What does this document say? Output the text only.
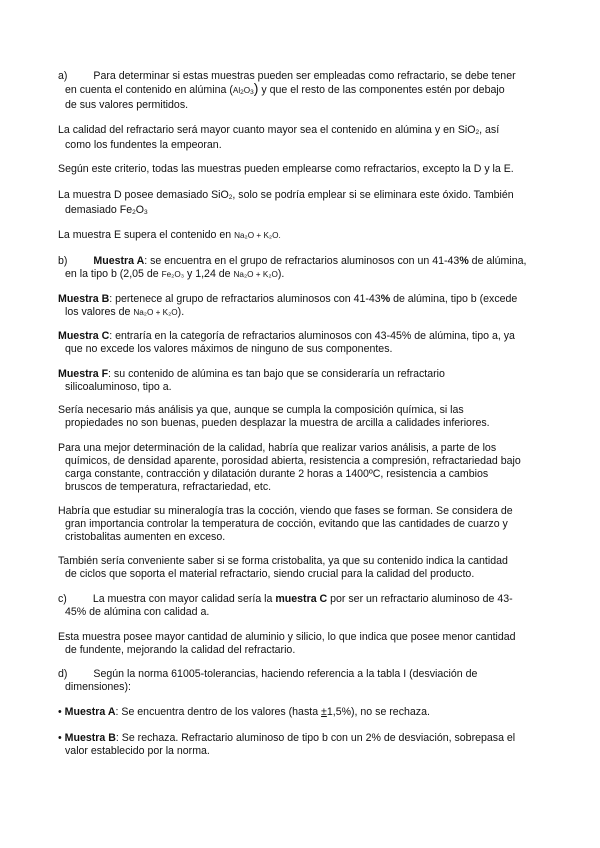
a) Para determinar si estas muestras pueden ser empleadas como refractario, se debe tener
en cuenta el contenido en alúmina (Al2O3) y que el resto de las componentes estén por debajo
de sus valores permitidos.
La calidad del refractario será mayor cuanto mayor sea el contenido en alúmina y en SiO2, así
como los fundentes la empeoran.
Según este criterio, todas las muestras pueden emplearse como refractarios, excepto la D y la E.
La muestra D posee demasiado SiO2, solo se podría emplear si se eliminara este óxido. También
demasiado Fe2O3
La muestra E supera el contenido en Na₂O + K₂O.
b) Muestra A: se encuentra en el grupo de refractarios aluminosos con un 41-43% de alúmina,
en la tipo b (2,05 de Fe₂O₃ y 1,24 de Na₂O + K₂O).
Muestra B: pertenece al grupo de refractarios aluminosos con 41-43% de alúmina, tipo b (excede
los valores de Na₂O + K₂O).
Muestra C: entraría en la categoría de refractarios aluminosos con 43-45% de alúmina, tipo a, ya
que no excede los valores máximos de ninguno de sus componentes.
Muestra F: su contenido de alúmina es tan bajo que se consideraría un refractario
silicoaluminoso, tipo a.
Sería necesario más análisis ya que, aunque se cumpla la composición química, si las
propiedades no son buenas, pueden desplazar la muestra de arcilla a calidades inferiores.
Para una mejor determinación de la calidad, habría que realizar varios análisis, a parte de los
químicos, de densidad aparente, porosidad abierta, resistencia a compresión, refractariedad bajo
carga constante, contracción y dilatación durante 2 horas a 1400ºC, resistencia a cambios
bruscos de temperatura, refractariedad, etc.
Habría que estudiar su mineralogía tras la cocción, viendo que fases se forman. Se considera de
gran importancia controlar la temperatura de cocción, evitando que las cantidades de cuarzo y
cristobalitas aumenten en exceso.
También sería conveniente saber si se forma cristobalita, ya que su contenido indica la cantidad
de ciclos que soporta el material refractario, siendo crucial para la calidad del producto.
c) La muestra con mayor calidad sería la muestra C por ser un refractario aluminoso de 43-
45% de alúmina con calidad a.
Esta muestra posee mayor cantidad de aluminio y silicio, lo que indica que posee menor cantidad
de fundente, mejorando la calidad del refractario.
d) Según la norma 61005-tolerancias, haciendo referencia a la tabla I (desviación de
dimensiones):
• Muestra A: Se encuentra dentro de los valores (hasta ±1,5%), no se rechaza.
• Muestra B: Se rechaza. Refractario aluminoso de tipo b con un 2% de desviación, sobrepasa el
valor establecido por la norma.
